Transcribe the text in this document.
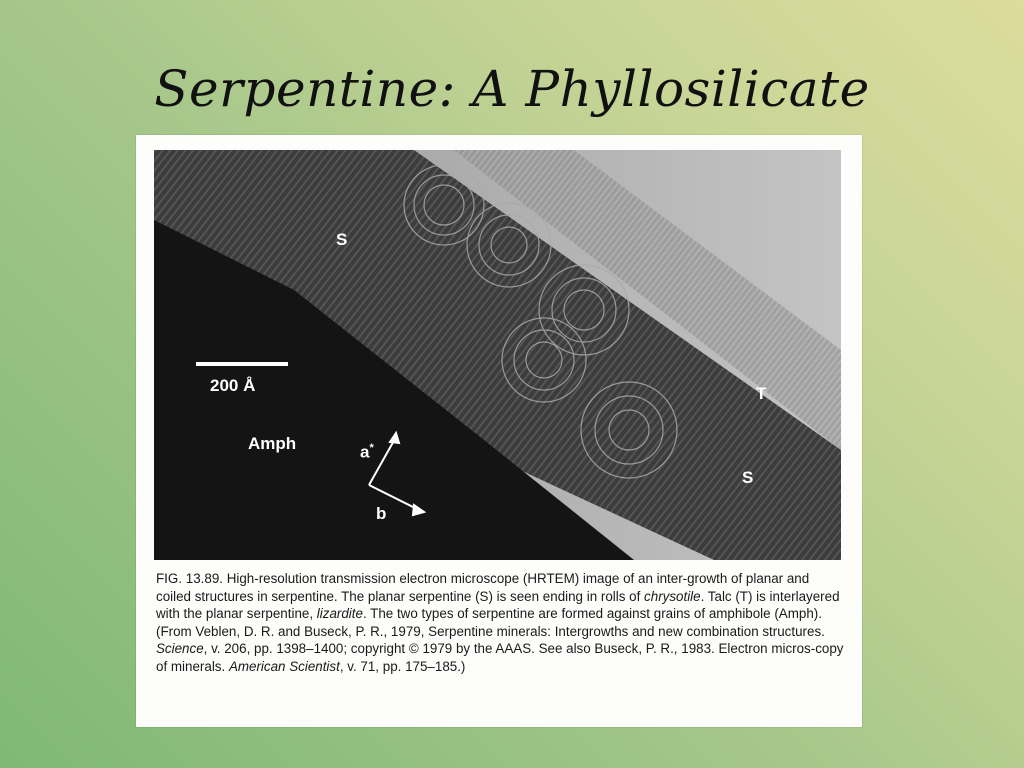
Serpentine: A Phyllosilicate
S
200 Å
Amph	a*
b
T
S

FIG. 13.89. High-resolution transmission electron microscope (HRTEM) image of an inter-growth of planar and coiled structures in serpentine. The planar serpentine (S) is seen ending in rolls of chrysotile. Talc (T) is interlayered with the planar serpentine, lizardite. The two types of serpentine are formed against grains of amphibole (Amph). (From Veblen, D. R. and Buseck, P. R., 1979, Serpentine minerals: Intergrowths and new combination structures. Science, v. 206, pp. 1398–1400; copyright © 1979 by the AAAS. See also Buseck, P. R., 1983. Electron micros-copy of minerals. American Scientist, v. 71, pp. 175–185.)
